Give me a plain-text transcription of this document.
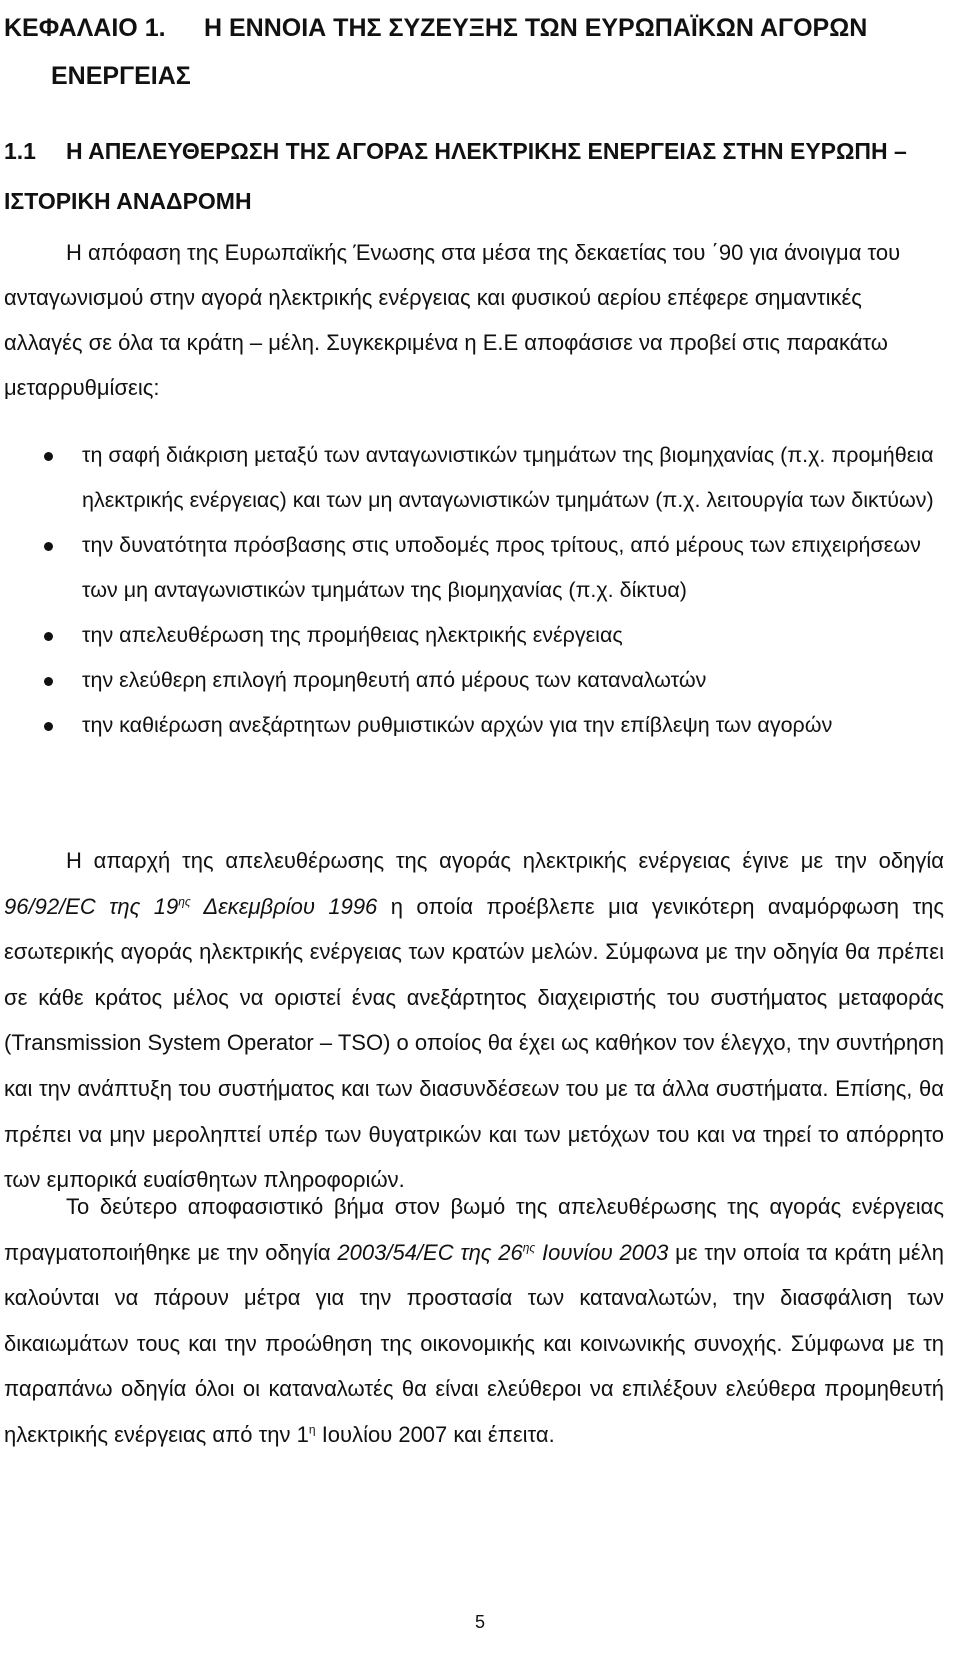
ΚΕΦΑΛΑΙΟ 1. Η ΕΝΝΟΙΑ ΤΗΣ ΣΥΖΕΥΞΗΣ ΤΩΝ ΕΥΡΩΠΑΪΚΩΝ ΑΓΟΡΩΝ
ΕΝΕΡΓΕΙΑΣ
1.1 Η ΑΠΕΛΕΥΘΕΡΩΣΗ ΤΗΣ ΑΓΟΡΑΣ ΗΛΕΚΤΡΙΚΗΣ ΕΝΕΡΓΕΙΑΣ ΣΤΗΝ ΕΥΡΩΠΗ – ΙΣΤΟΡΙΚΗ ΑΝΑΔΡΟΜΗ

Η απόφαση της Ευρωπαϊκής Ένωσης στα μέσα της δεκαετίας του ΄90 για άνοιγμα του ανταγωνισμού στην αγορά ηλεκτρικής ενέργειας και φυσικού αερίου επέφερε σημαντικές αλλαγές σε όλα τα κράτη – μέλη. Συγκεκριμένα η Ε.Ε αποφάσισε να προβεί στις παρακάτω μεταρρυθμίσεις:

τη σαφή διάκριση μεταξύ των ανταγωνιστικών τμημάτων της βιομηχανίας (π.χ. προμήθεια ηλεκτρικής ενέργειας) και των μη ανταγωνιστικών τμημάτων (π.χ. λειτουργία των δικτύων)
την δυνατότητα πρόσβασης στις υποδομές προς τρίτους, από μέρους των επιχειρήσεων των μη ανταγωνιστικών τμημάτων της βιομηχανίας (π.χ. δίκτυα)
την απελευθέρωση της προμήθειας ηλεκτρικής ενέργειας
την ελεύθερη επιλογή προμηθευτή από μέρους των καταναλωτών
την καθιέρωση ανεξάρτητων ρυθμιστικών αρχών για την επίβλεψη των αγορών

Η απαρχή της απελευθέρωσης της αγοράς ηλεκτρικής ενέργειας έγινε με την οδηγία 96/92/EC της $19^{\eta\varsigma}$ Δεκεμβρίου 1996 η οποία προέβλεπε μια γενικότερη αναμόρφωση της εσωτερικής αγοράς ηλεκτρικής ενέργειας των κρατών μελών. Σύμφωνα με την οδηγία θα πρέπει σε κάθε κράτος μέλος να οριστεί ένας ανεξάρτητος διαχειριστής του συστήματος μεταφοράς (Transmission System Operator – TSO) ο οποίος θα έχει ως καθήκον τον έλεγχο, την συντήρηση και την ανάπτυξη του συστήματος και των διασυνδέσεων του με τα άλλα συστήματα. Επίσης, θα πρέπει να μην μεροληπτεί υπέρ των θυγατρικών και των μετόχων του και να τηρεί το απόρρητο των εμπορικά ευαίσθητων πληροφοριών.

Το δεύτερο αποφασιστικό βήμα στον βωμό της απελευθέρωσης της αγοράς ενέργειας πραγματοποιήθηκε με την οδηγία 2003/54/EC της $26^{\eta\varsigma}$ Ιουνίου 2003 με την οποία τα κράτη μέλη καλούνται να πάρουν μέτρα για την προστασία των καταναλωτών, την διασφάλιση των δικαιωμάτων τους και την προώθηση της οικονομικής και κοινωνικής συνοχής. Σύμφωνα με τη παραπάνω οδηγία όλοι οι καταναλωτές θα είναι ελεύθεροι να επιλέξουν ελεύθερα προμηθευτή ηλεκτρικής ενέργειας από την $1^\eta$ Ιουλίου 2007 και έπειτα.

5
